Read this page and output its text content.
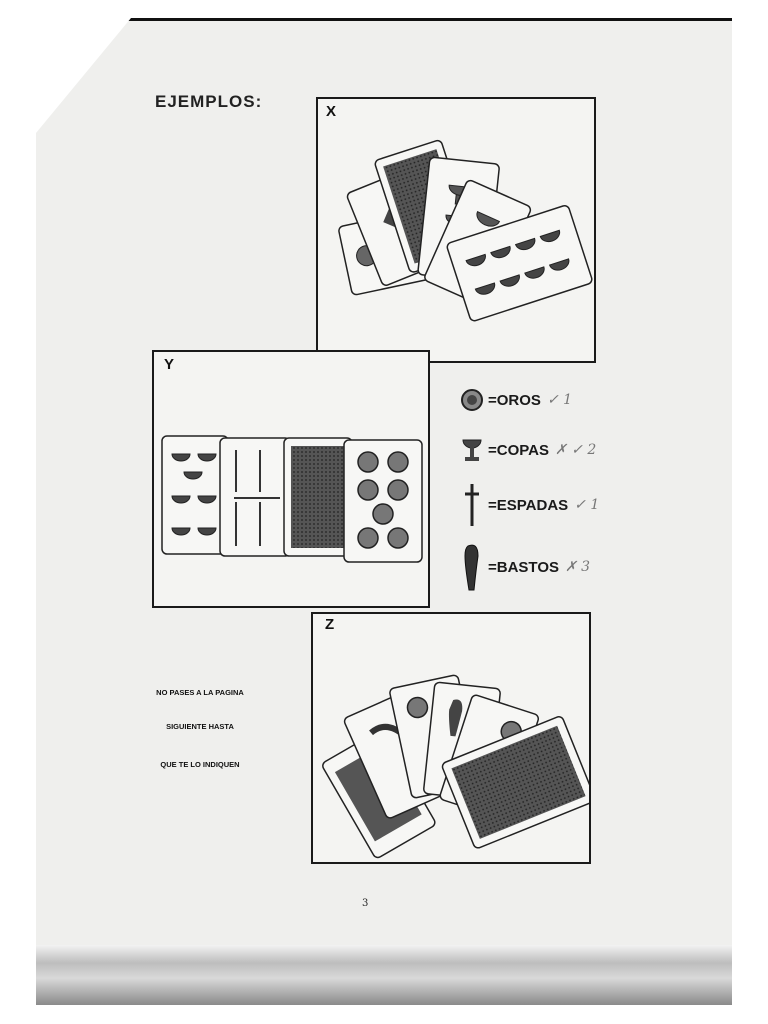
EJEMPLOS:
X
Y
=OROS ✓ 1
=COPAS ✗ ✓ 2
=ESPADAS ✓ 1
=BASTOS ✗ 3
Z
NO PASES A LA PAGINA
SIGUIENTE HASTA
QUE TE LO INDIQUEN
3
